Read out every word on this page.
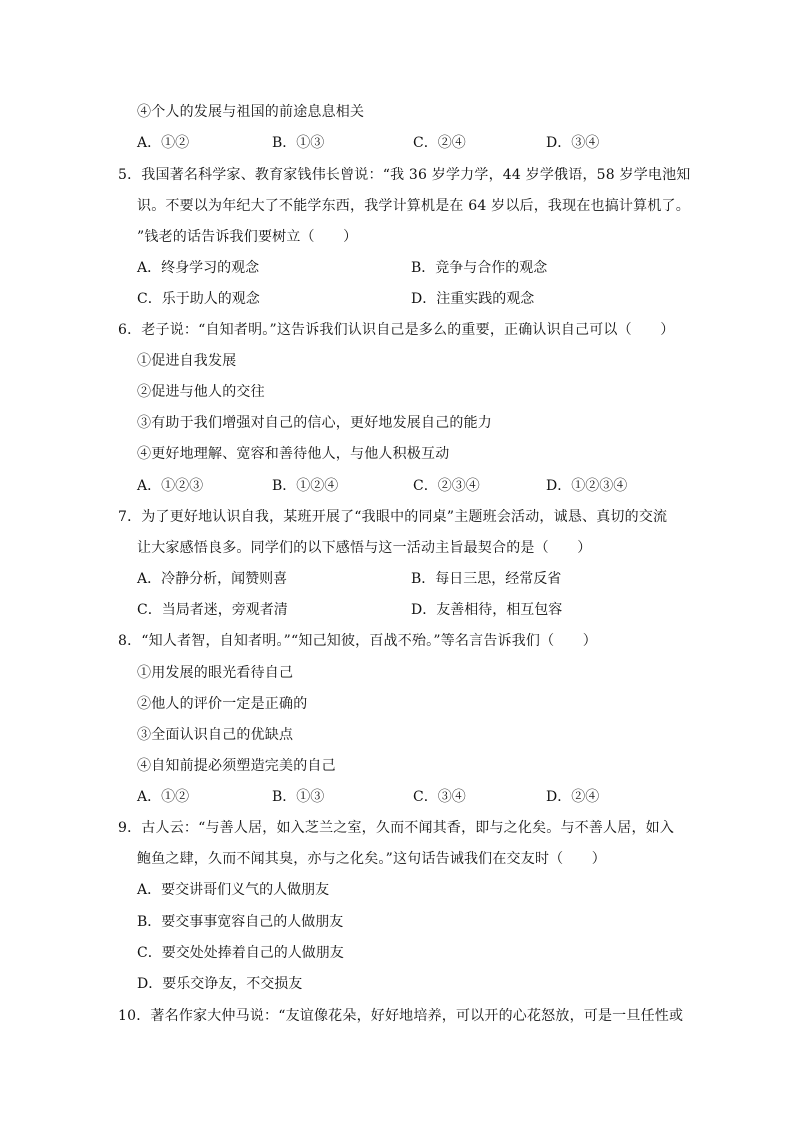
④个人的发展与祖国的前途息息相关
A．①②	B．①③	C．②④	D．③④
5．我国著名科学家、教育家钱伟长曾说：“我 36 岁学力学，44 岁学俄语，58 岁学电池知
识。不要以为年纪大了不能学东西，我学计算机是在 64 岁以后，我现在也搞计算机了。
”钱老的话告诉我们要树立（　　）
A．终身学习的观念	B．竞争与合作的观念
C．乐于助人的观念	D．注重实践的观念
6．老子说：“自知者明。”这告诉我们认识自己是多么的重要，正确认识自己可以（　　）
①促进自我发展
②促进与他人的交往
③有助于我们增强对自己的信心，更好地发展自己的能力
④更好地理解、宽容和善待他人，与他人积极互动
A．①②③	B．①②④	C．②③④	D．①②③④
7．为了更好地认识自我，某班开展了“我眼中的同桌”主题班会活动，诚恳、真切的交流
让大家感悟良多。同学们的以下感悟与这一活动主旨最契合的是（　　）
A．冷静分析，闻赞则喜	B．每日三思，经常反省
C．当局者迷，旁观者清	D．友善相待，相互包容
8．“知人者智，自知者明。”“知己知彼，百战不殆。”等名言告诉我们（　　）
①用发展的眼光看待自己
②他人的评价一定是正确的
③全面认识自己的优缺点
④自知前提必须塑造完美的自己
A．①②	B．①③	C．③④	D．②④
9．古人云：“与善人居，如入芝兰之室，久而不闻其香，即与之化矣。与不善人居，如入
鲍鱼之肆，久而不闻其臭，亦与之化矣。”这句话告诫我们在交友时（　　）
A．要交讲哥们义气的人做朋友
B．要交事事宽容自己的人做朋友
C．要交处处捧着自己的人做朋友
D．要乐交诤友，不交损友
10．著名作家大仲马说：“友谊像花朵，好好地培养，可以开的心花怒放，可是一旦任性或
